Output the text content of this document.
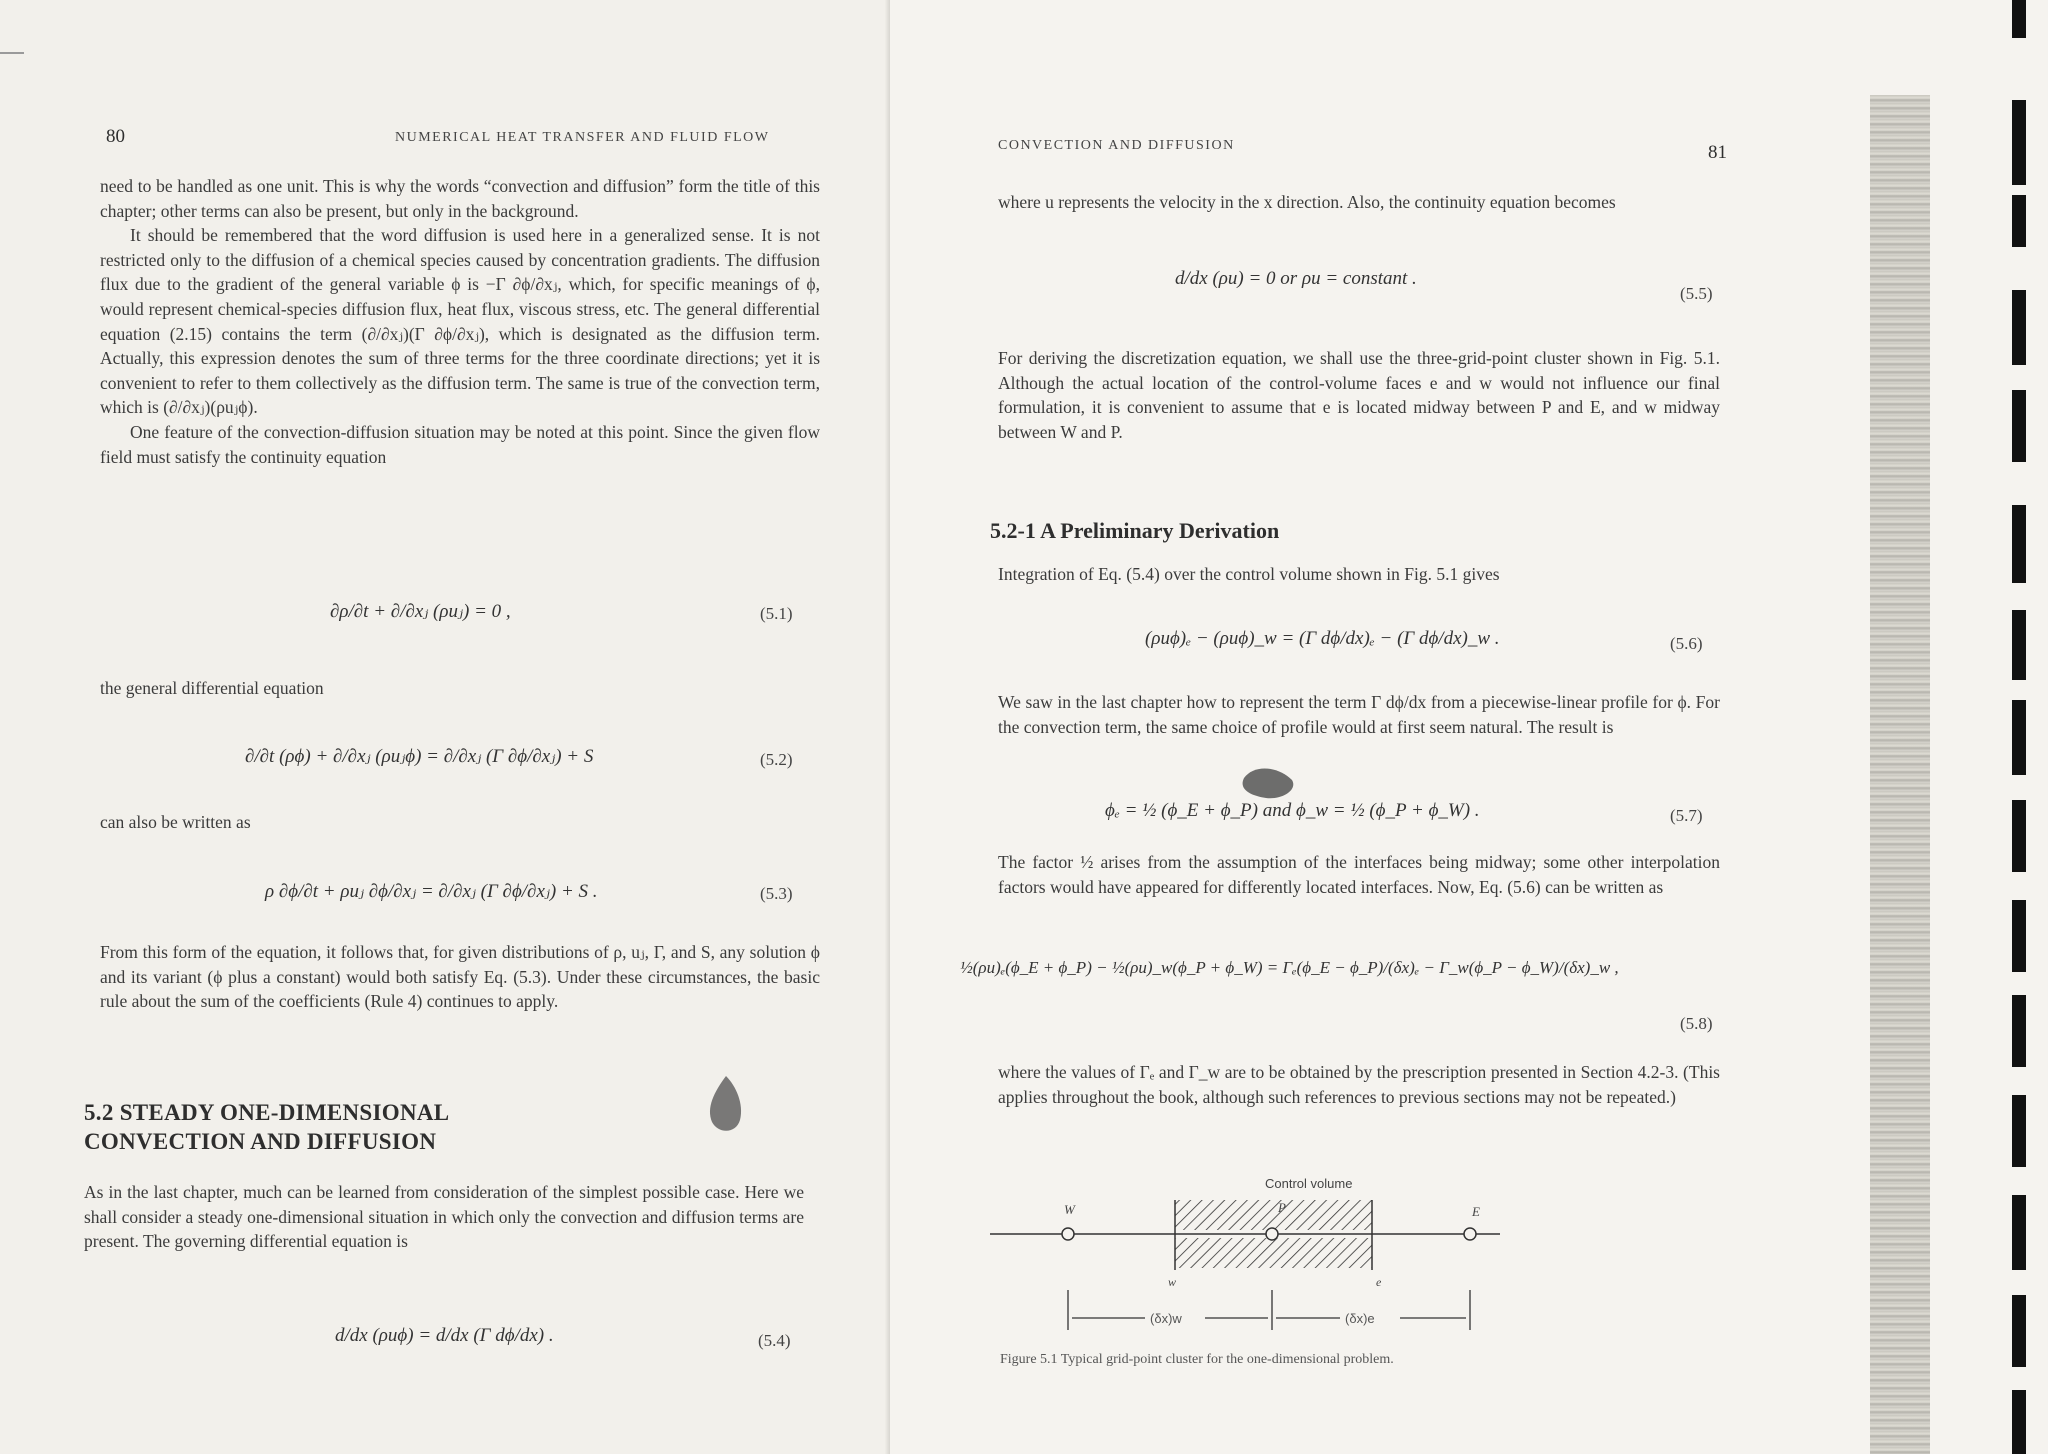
80	NUMERICAL HEAT TRANSFER AND FLUID FLOW

need to be handled as one unit. This is why the words “convection and diffusion” form the title of this chapter; other terms can also be present, but only in the background.

It should be remembered that the word diffusion is used here in a generalized sense. It is not restricted only to the diffusion of a chemical species caused by concentration gradients. The diffusion flux due to the gradient of the general variable ϕ is −Γ ∂ϕ/∂xⱼ, which, for specific meanings of ϕ, would represent chemical-species diffusion flux, heat flux, viscous stress, etc. The general differential equation (2.15) contains the term (∂/∂xⱼ)(Γ ∂ϕ/∂xⱼ), which is designated as the diffusion term. Actually, this expression denotes the sum of three terms for the three coordinate directions; yet it is convenient to refer to them collectively as the diffusion term. The same is true of the convection term, which is (∂/∂xⱼ)(ρuⱼϕ).

One feature of the convection-diffusion situation may be noted at this point. Since the given flow field must satisfy the continuity equation

∂ρ/∂t + ∂/∂xⱼ (ρuⱼ) = 0 ,	(5.1)
the general differential equation
∂/∂t (ρϕ) + ∂/∂xⱼ (ρuⱼϕ) = ∂/∂xⱼ (Γ ∂ϕ/∂xⱼ) + S	(5.2)
can also be written as
ρ ∂ϕ/∂t + ρuⱼ ∂ϕ/∂xⱼ = ∂/∂xⱼ (Γ ∂ϕ/∂xⱼ) + S .	(5.3)

From this form of the equation, it follows that, for given distributions of ρ, uⱼ, Γ, and S, any solution ϕ and its variant (ϕ plus a constant) would both satisfy Eq. (5.3). Under these circumstances, the basic rule about the sum of the coefficients (Rule 4) continues to apply.

5.2 STEADY ONE-DIMENSIONAL
CONVECTION AND DIFFUSION

As in the last chapter, much can be learned from consideration of the simplest possible case. Here we shall consider a steady one-dimensional situation in which only the convection and diffusion terms are present. The governing differential equation is

d/dx (ρuϕ) = d/dx (Γ dϕ/dx) .	(5.4)
CONVECTION AND DIFFUSION	81

where u represents the velocity in the x direction. Also, the continuity equation becomes

d/dx (ρu) = 0 or ρu = constant .
(5.5)

For deriving the discretization equation, we shall use the three-grid-point cluster shown in Fig. 5.1. Although the actual location of the control-volume faces e and w would not influence our final formulation, it is convenient to assume that e is located midway between P and E, and w midway between W and P.

5.2-1 A Preliminary Derivation

Integration of Eq. (5.4) over the control volume shown in Fig. 5.1 gives

(ρuϕ)ₑ − (ρuϕ)_w = (Γ dϕ/dx)ₑ − (Γ dϕ/dx)_w .	(5.6)

We saw in the last chapter how to represent the term Γ dϕ/dx from a piecewise-linear profile for ϕ. For the convection term, the same choice of profile would at first seem natural. The result is

ϕₑ = ½ (ϕ_E + ϕ_P) and ϕ_w = ½ (ϕ_P + ϕ_W) .	(5.7)

The factor ½ arises from the assumption of the interfaces being midway; some other interpolation factors would have appeared for differently located interfaces. Now, Eq. (5.6) can be written as

½(ρu)ₑ(ϕ_E + ϕ_P) − ½(ρu)_w(ϕ_P + ϕ_W) = Γₑ(ϕ_E − ϕ_P)/(δx)ₑ − Γ_w(ϕ_P − ϕ_W)/(δx)_w ,
(5.8)

where the values of Γₑ and Γ_w are to be obtained by the prescription presented in Section 4.2-3. (This applies throughout the book, although such references to previous sections may not be repeated.)

Control volume
W	P	E
w	e
(δx)w	(δx)e
Figure 5.1 Typical grid-point cluster for the one-dimensional problem.
